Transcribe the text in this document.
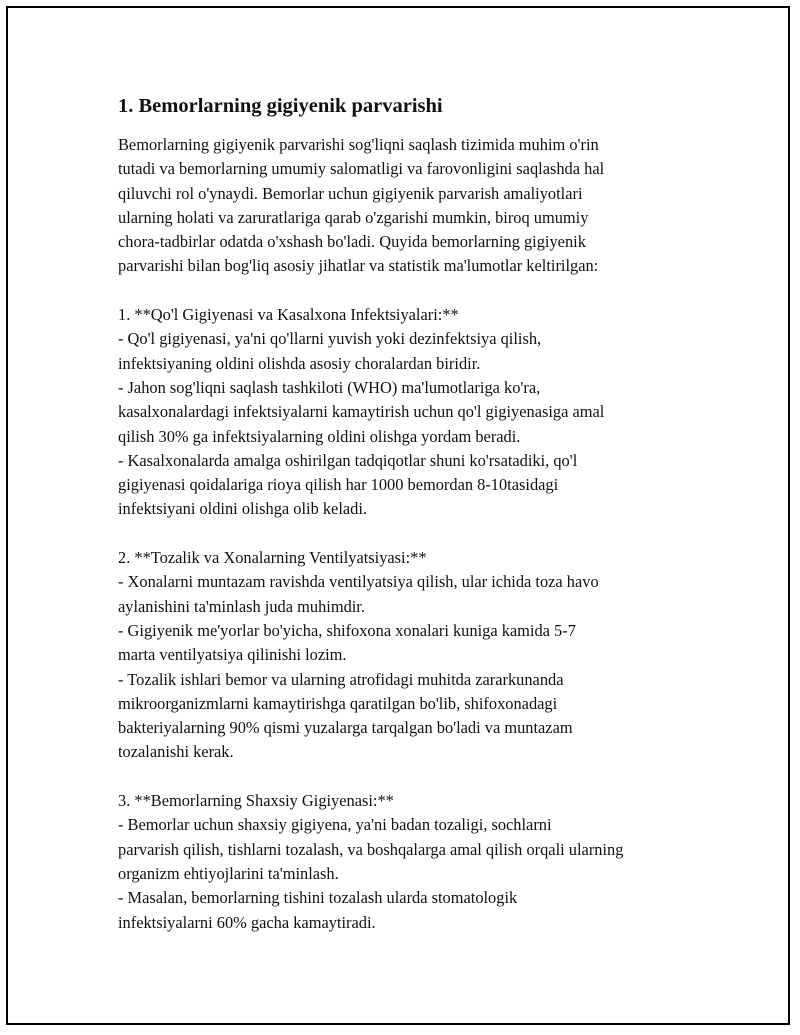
1. Bemorlarning gigiyenik parvarishi

Bemorlarning gigiyenik parvarishi sog'liqni saqlash tizimida muhim o'rin
tutadi va bemorlarning umumiy salomatligi va farovonligini saqlashda hal
qiluvchi rol o'ynaydi. Bemorlar uchun gigiyenik parvarish amaliyotlari
ularning holati va zaruratlariga qarab o'zgarishi mumkin, biroq umumiy
chora-tadbirlar odatda o'xshash bo'ladi. Quyida bemorlarning gigiyenik
parvarishi bilan bog'liq asosiy jihatlar va statistik ma'lumotlar keltirilgan:

1. **Qo'l Gigiyenasi va Kasalxona Infektsiyalari:**

- Qo'l gigiyenasi, ya'ni qo'llarni yuvish yoki dezinfektsiya qilish,
infektsiyaning oldini olishda asosiy choralardan biridir.

- Jahon sog'liqni saqlash tashkiloti (WHO) ma'lumotlariga ko'ra,
kasalxonalardagi infektsiyalarni kamaytirish uchun qo'l gigiyenasiga amal
qilish 30% ga infektsiyalarning oldini olishga yordam beradi.

- Kasalxonalarda amalga oshirilgan tadqiqotlar shuni ko'rsatadiki, qo'l
gigiyenasi qoidalariga rioya qilish har 1000 bemordan 8-10tasidagi
infektsiyani oldini olishga olib keladi.

2. **Tozalik va Xonalarning Ventilyatsiyasi:**

- Xonalarni muntazam ravishda ventilyatsiya qilish, ular ichida toza havo
aylanishini ta'minlash juda muhimdir.

- Gigiyenik me'yorlar bo'yicha, shifoxona xonalari kuniga kamida 5-7
marta ventilyatsiya qilinishi lozim.

- Tozalik ishlari bemor va ularning atrofidagi muhitda zararkunanda
mikroorganizmlarni kamaytirishga qaratilgan bo'lib, shifoxonadagi
bakteriyalarning 90% qismi yuzalarga tarqalgan bo'ladi va muntazam
tozalanishi kerak.

3. **Bemorlarning Shaxsiy Gigiyenasi:**

- Bemorlar uchun shaxsiy gigiyena, ya'ni badan tozaligi, sochlarni
parvarish qilish, tishlarni tozalash, va boshqalarga amal qilish orqali ularning
organizm ehtiyojlarini ta'minlash.

- Masalan, bemorlarning tishini tozalash ularda stomatologik
infektsiyalarni 60% gacha kamaytiradi.
